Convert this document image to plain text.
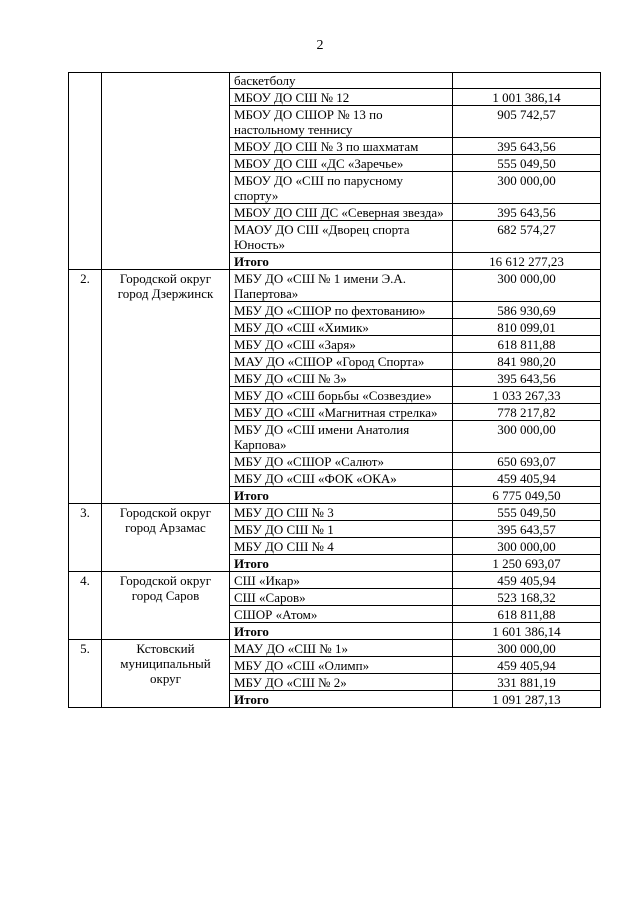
2
		баскетболу	
		МБОУ ДО СШ № 12	1 001 386,14
		МБОУ ДО СШОР № 13 по настольному теннису	905 742,57
		МБОУ ДО СШ № 3 по шахматам	395 643,56
		МБОУ ДО СШ «ДС «Заречье»	555 049,50
		МБОУ ДО «СШ по парусному спорту»	300 000,00
		МБОУ ДО СШ ДС «Северная звезда»	395 643,56
		МАОУ ДО СШ «Дворец спорта Юность»	682 574,27
		Итого	16 612 277,23
2.	Городской округ город Дзержинск	МБУ ДО «СШ № 1 имени Э.А. Папертова»	300 000,00
		МБУ ДО «СШОР по фехтованию»	586 930,69
		МБУ ДО «СШ «Химик»	810 099,01
		МБУ ДО «СШ «Заря»	618 811,88
		МАУ ДО «СШОР «Город Спорта»	841 980,20
		МБУ ДО «СШ № 3»	395 643,56
		МБУ ДО «СШ борьбы «Созвездие»	1 033 267,33
		МБУ ДО «СШ «Магнитная стрелка»	778 217,82
		МБУ ДО «СШ имени Анатолия Карпова»	300 000,00
		МБУ ДО «СШОР «Салют»	650 693,07
		МБУ ДО «СШ «ФОК «ОКА»	459 405,94
		Итого	6 775 049,50
3.	Городской округ город Арзамас	МБУ ДО СШ № 3	555 049,50
		МБУ ДО СШ № 1	395 643,57
		МБУ ДО СШ № 4	300 000,00
		Итого	1 250 693,07
4.	Городской округ город Саров	СШ «Икар»	459 405,94
		СШ «Саров»	523 168,32
		СШОР «Атом»	618 811,88
		Итого	1 601 386,14
5.	Кстовский муниципальный округ	МАУ ДО «СШ № 1»	300 000,00
		МБУ ДО «СШ «Олимп»	459 405,94
		МБУ ДО «СШ № 2»	331 881,19
		Итого	1 091 287,13
